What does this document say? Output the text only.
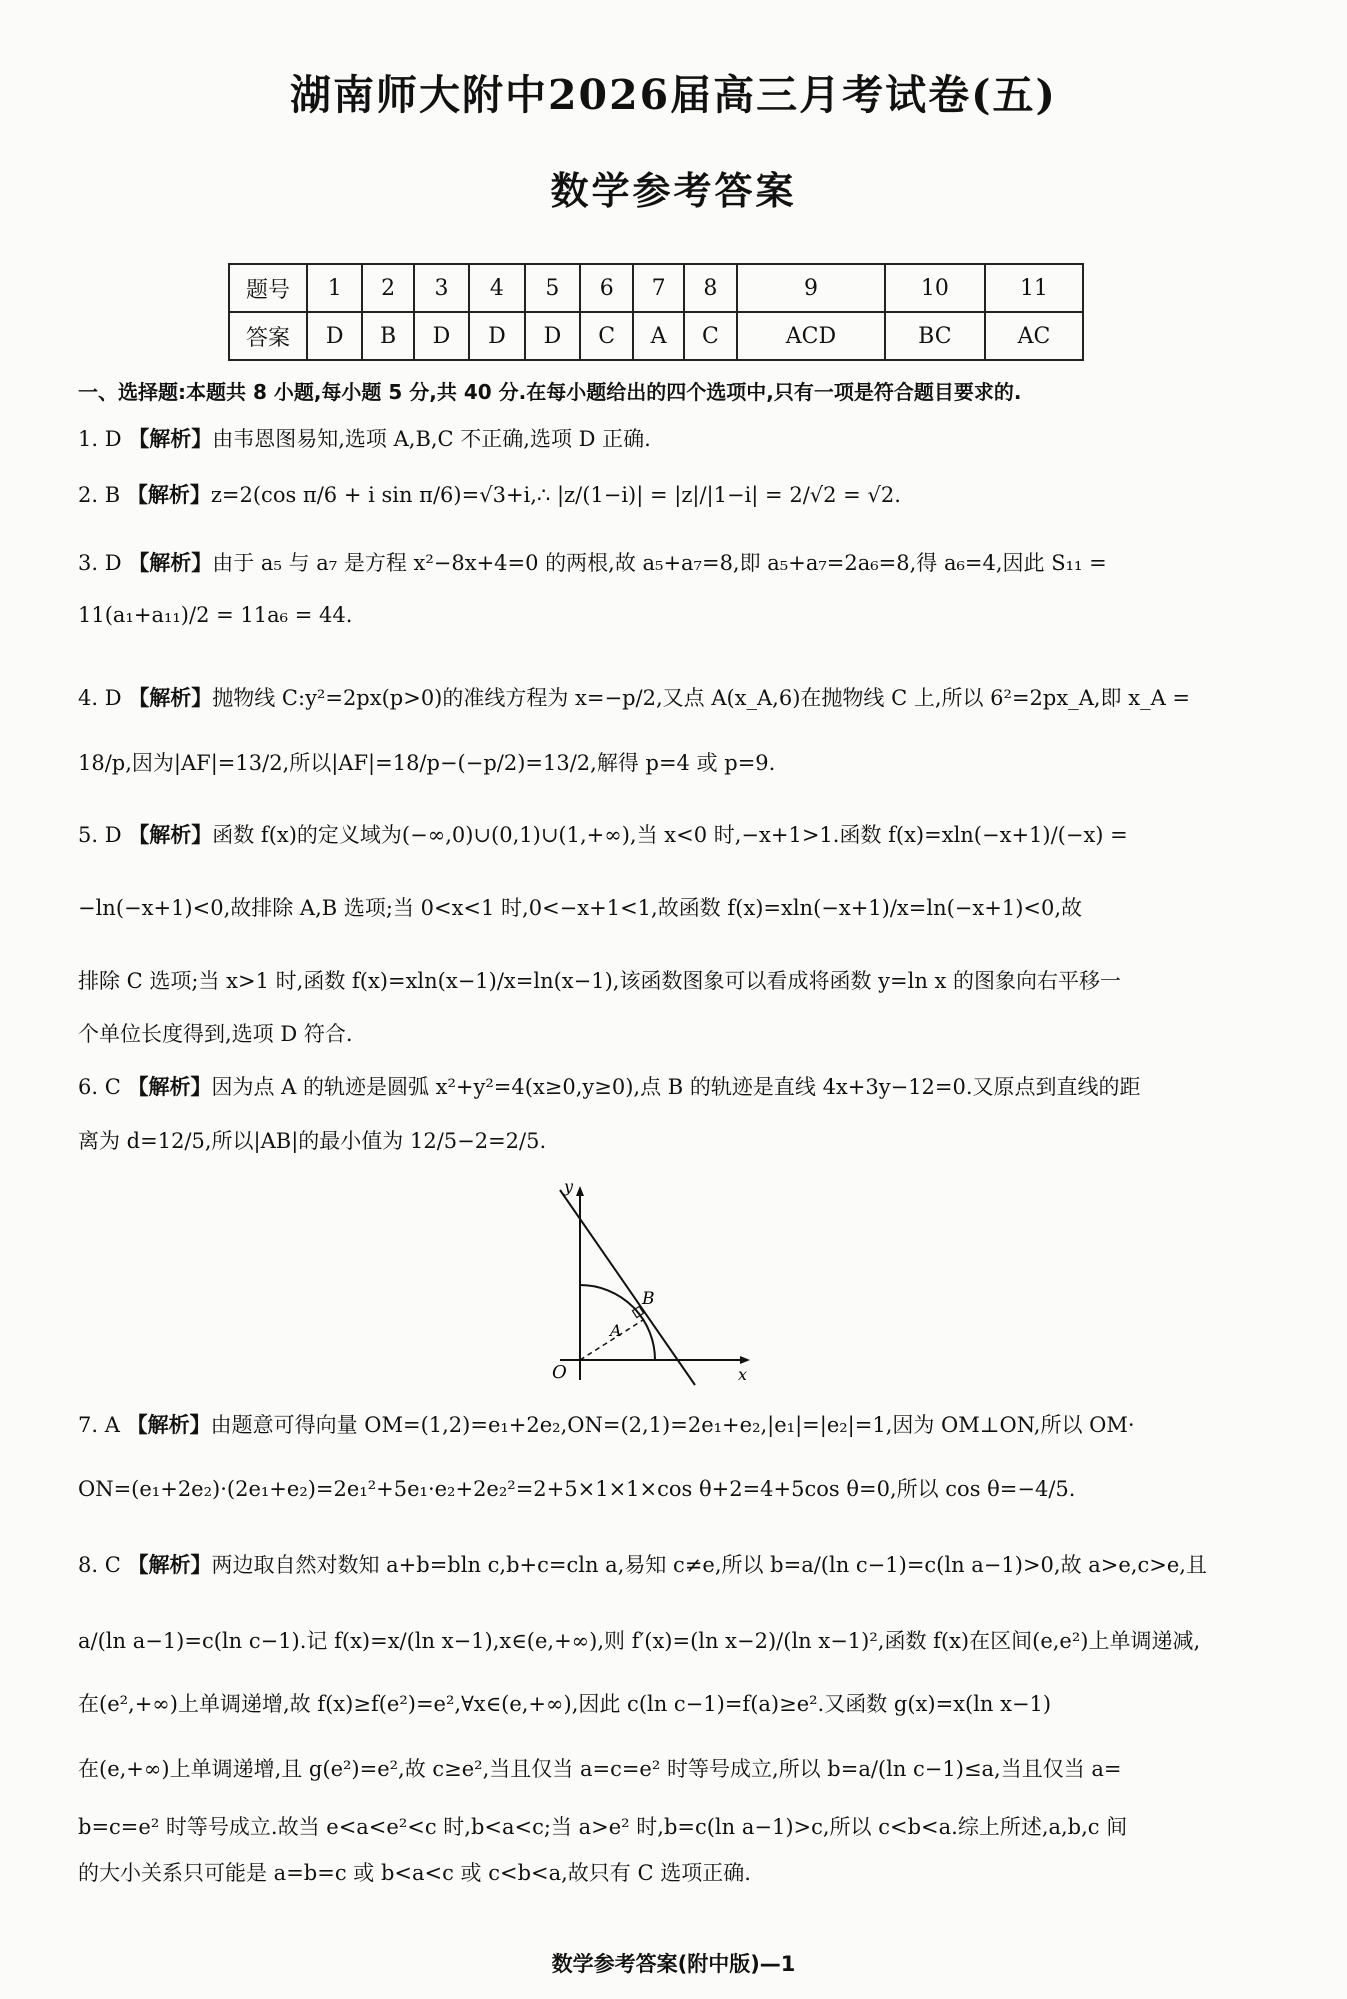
湖南师大附中2026届高三月考试卷(五)
数学参考答案
题号	1	2	3	4	5	6	7	8	9	10	11
答案	D	B	D	D	D	C	A	C	ACD	BC	AC
一、选择题:本题共 8 小题,每小题 5 分,共 40 分.在每小题给出的四个选项中,只有一项是符合题目要求的.
1. D 【解析】由韦恩图易知,选项 A,B,C 不正确,选项 D 正确.
2. B 【解析】z=2(cos π/6 + i sin π/6)=√3+i,∴ |z/(1−i)| = |z|/|1−i| = 2/√2 = √2.
3. D 【解析】由于 a₅ 与 a₇ 是方程 x²−8x+4=0 的两根,故 a₅+a₇=8,即 a₅+a₇=2a₆=8,得 a₆=4,因此 S₁₁ =
11(a₁+a₁₁)/2 = 11a₆ = 44.
4. D 【解析】抛物线 C:y²=2px(p>0)的准线方程为 x=−p/2,又点 A(x_A,6)在抛物线 C 上,所以 6²=2px_A,即 x_A =
18/p,因为|AF|=13/2,所以|AF|=18/p−(−p/2)=13/2,解得 p=4 或 p=9.
5. D 【解析】函数 f(x)的定义域为(−∞,0)∪(0,1)∪(1,+∞),当 x<0 时,−x+1>1.函数 f(x)=xln(−x+1)/(−x) =
−ln(−x+1)<0,故排除 A,B 选项;当 0<x<1 时,0<−x+1<1,故函数 f(x)=xln(−x+1)/x=ln(−x+1)<0,故
排除 C 选项;当 x>1 时,函数 f(x)=xln(x−1)/x=ln(x−1),该函数图象可以看成将函数 y=ln x 的图象向右平移一
个单位长度得到,选项 D 符合.
6. C 【解析】因为点 A 的轨迹是圆弧 x²+y²=4(x≥0,y≥0),点 B 的轨迹是直线 4x+3y−12=0.又原点到直线的距
离为 d=12/5,所以|AB|的最小值为 12/5−2=2/5.
y
x
O
A
B
7. A 【解析】由题意可得向量 OM=(1,2)=e₁+2e₂,ON=(2,1)=2e₁+e₂,|e₁|=|e₂|=1,因为 OM⊥ON,所以 OM·
ON=(e₁+2e₂)·(2e₁+e₂)=2e₁²+5e₁·e₂+2e₂²=2+5×1×1×cos θ+2=4+5cos θ=0,所以 cos θ=−4/5.
8. C 【解析】两边取自然对数知 a+b=bln c,b+c=cln a,易知 c≠e,所以 b=a/(ln c−1)=c(ln a−1)>0,故 a>e,c>e,且
a/(ln a−1)=c(ln c−1).记 f(x)=x/(ln x−1),x∈(e,+∞),则 f′(x)=(ln x−2)/(ln x−1)²,函数 f(x)在区间(e,e²)上单调递减,
在(e²,+∞)上单调递增,故 f(x)≥f(e²)=e²,∀x∈(e,+∞),因此 c(ln c−1)=f(a)≥e².又函数 g(x)=x(ln x−1)
在(e,+∞)上单调递增,且 g(e²)=e²,故 c≥e²,当且仅当 a=c=e² 时等号成立,所以 b=a/(ln c−1)≤a,当且仅当 a=
b=c=e² 时等号成立.故当 e<a<e²<c 时,b<a<c;当 a>e² 时,b=c(ln a−1)>c,所以 c<b<a.综上所述,a,b,c 间
的大小关系只可能是 a=b=c 或 b<a<c 或 c<b<a,故只有 C 选项正确.
数学参考答案(附中版)—1
